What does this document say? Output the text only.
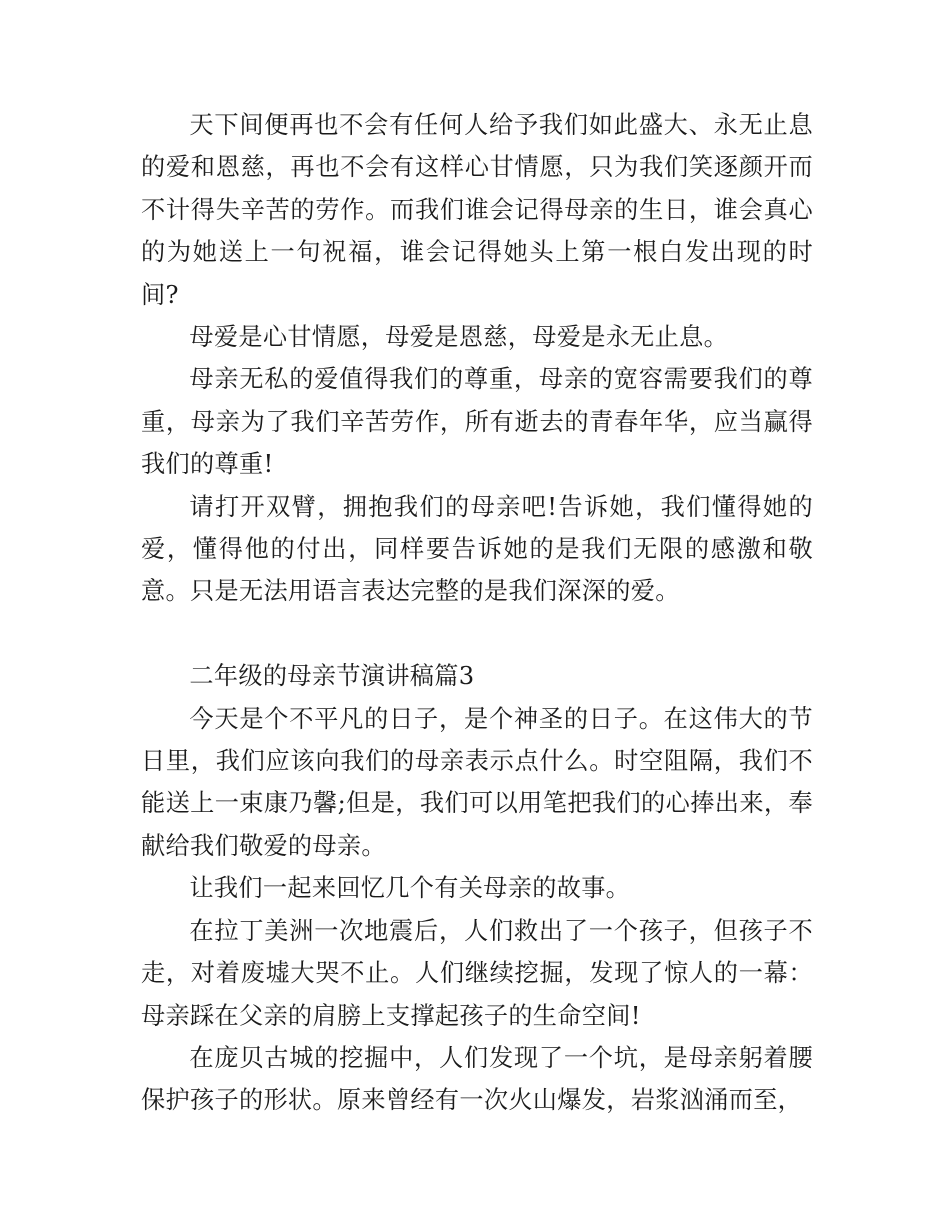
天下间便再也不会有任何人给予我们如此盛大、永无止息的爱和恩慈，再也不会有这样心甘情愿，只为我们笑逐颜开而不计得失辛苦的劳作。而我们谁会记得母亲的生日，谁会真心的为她送上一句祝福，谁会记得她头上第一根白发出现的时间?

母爱是心甘情愿，母爱是恩慈，母爱是永无止息。

母亲无私的爱值得我们的尊重，母亲的宽容需要我们的尊重，母亲为了我们辛苦劳作，所有逝去的青春年华，应当赢得我们的尊重!

请打开双臂，拥抱我们的母亲吧!告诉她，我们懂得她的爱，懂得他的付出，同样要告诉她的是我们无限的感激和敬意。只是无法用语言表达完整的是我们深深的爱。

二年级的母亲节演讲稿篇3

今天是个不平凡的日子，是个神圣的日子。在这伟大的节日里，我们应该向我们的母亲表示点什么。时空阻隔，我们不能送上一束康乃馨;但是，我们可以用笔把我们的心捧出来，奉献给我们敬爱的母亲。

让我们一起来回忆几个有关母亲的故事。

在拉丁美洲一次地震后，人们救出了一个孩子，但孩子不走，对着废墟大哭不止。人们继续挖掘，发现了惊人的一幕：母亲踩在父亲的肩膀上支撑起孩子的生命空间!

在庞贝古城的挖掘中，人们发现了一个坑，是母亲躬着腰保护孩子的形状。原来曾经有一次火山爆发，岩浆汹涌而至，
